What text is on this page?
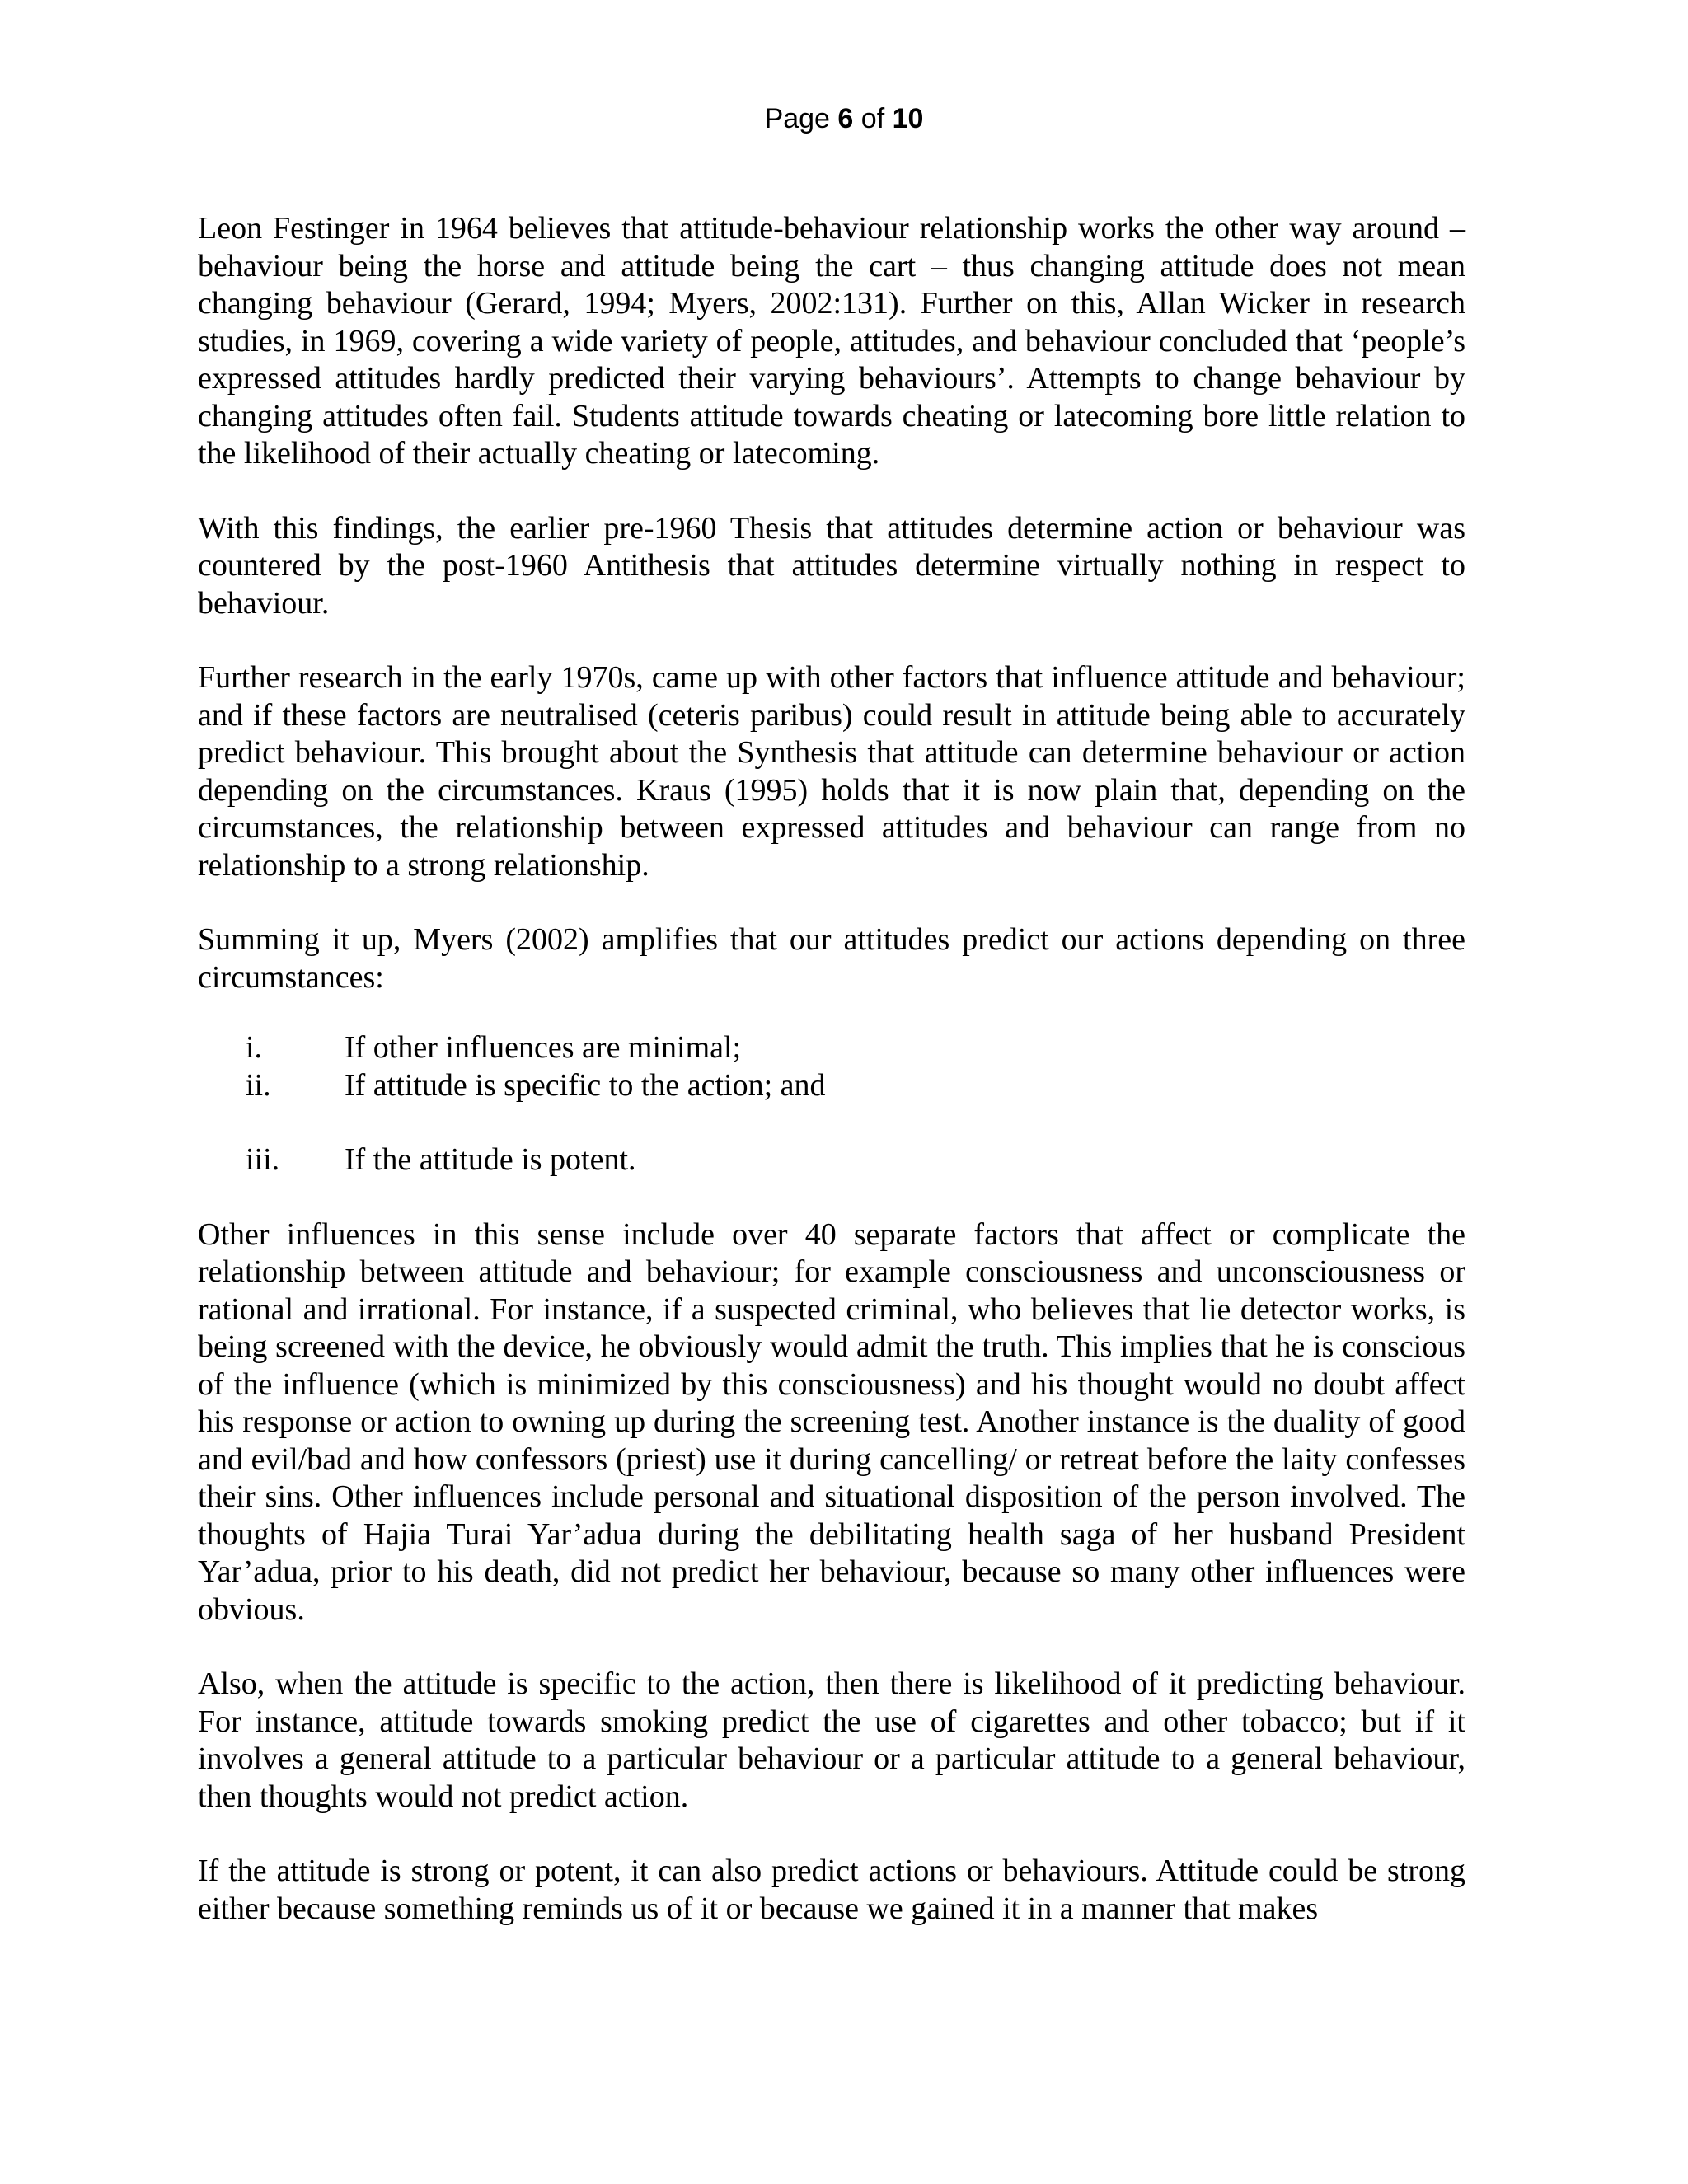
Page 6 of 10

Leon Festinger in 1964 believes that attitude-behaviour relationship works the other way around – behaviour being the horse and attitude being the cart – thus changing attitude does not mean changing behaviour (Gerard, 1994; Myers, 2002:131). Further on this, Allan Wicker in research studies, in 1969, covering a wide variety of people, attitudes, and behaviour concluded that ‘people’s expressed attitudes hardly predicted their varying behaviours’. Attempts to change behaviour by changing attitudes often fail. Students attitude towards cheating or latecoming bore little relation to the likelihood of their actually cheating or latecoming.

With this findings, the earlier pre-1960 Thesis that attitudes determine action or behaviour was countered by the post-1960 Antithesis that attitudes determine virtually nothing in respect to behaviour.

Further research in the early 1970s, came up with other factors that influence attitude and behaviour; and if these factors are neutralised (ceteris paribus) could result in attitude being able to accurately predict behaviour. This brought about the Synthesis that attitude can determine behaviour or action depending on the circumstances. Kraus (1995) holds that it is now plain that, depending on the circumstances, the relationship between expressed attitudes and behaviour can range from no relationship to a strong relationship.

Summing it up, Myers (2002) amplifies that our attitudes predict our actions depending on three circumstances:

i.	If other influences are minimal;
ii. If attitude is specific to the action; and
iii. If the attitude is potent.

Other influences in this sense include over 40 separate factors that affect or complicate the relationship between attitude and behaviour; for example consciousness and unconsciousness or rational and irrational. For instance, if a suspected criminal, who believes that lie detector works, is being screened with the device, he obviously would admit the truth. This implies that he is conscious of the influence (which is minimized by this consciousness) and his thought would no doubt affect his response or action to owning up during the screening test. Another instance is the duality of good and evil/bad and how confessors (priest) use it during cancelling/ or retreat before the laity confesses their sins. Other influences include personal and situational disposition of the person involved. The thoughts of Hajia Turai Yar’adua during the debilitating health saga of her husband President Yar’adua, prior to his death, did not predict her behaviour, because so many other influences were obvious.

Also, when the attitude is specific to the action, then there is likelihood of it predicting behaviour. For instance, attitude towards smoking predict the use of cigarettes and other tobacco; but if it involves a general attitude to a particular behaviour or a particular attitude to a general behaviour, then thoughts would not predict action.

If the attitude is strong or potent, it can also predict actions or behaviours. Attitude could be strong either because something reminds us of it or because we gained it in a manner that makes
